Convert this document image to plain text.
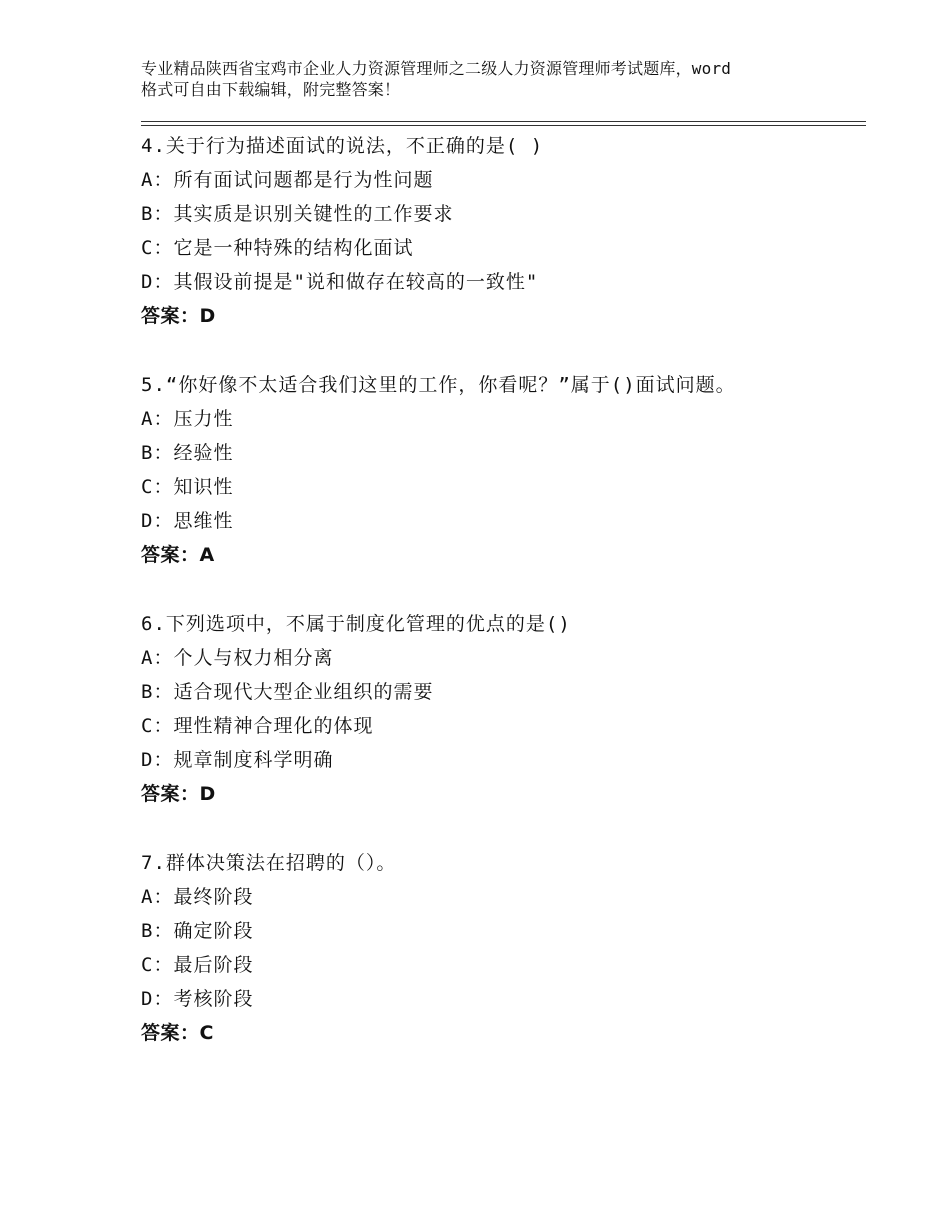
专业精品陕西省宝鸡市企业人力资源管理师之二级人力资源管理师考试题库，word
格式可自由下载编辑，附完整答案！
4.关于行为描述面试的说法，不正确的是( )
A：所有面试问题都是行为性问题
B：其实质是识别关键性的工作要求
C：它是一种特殊的结构化面试
D：其假设前提是"说和做存在较高的一致性"
答案：D
5.“你好像不太适合我们这里的工作，你看呢？”属于()面试问题。
A：压力性
B：经验性
C：知识性
D：思维性
答案：A
6.下列选项中，不属于制度化管理的优点的是()
A：个人与权力相分离
B：适合现代大型企业组织的需要
C：理性精神合理化的体现
D：规章制度科学明确
答案：D
7.群体决策法在招聘的（）。
A：最终阶段
B：确定阶段
C：最后阶段
D：考核阶段
答案：C
